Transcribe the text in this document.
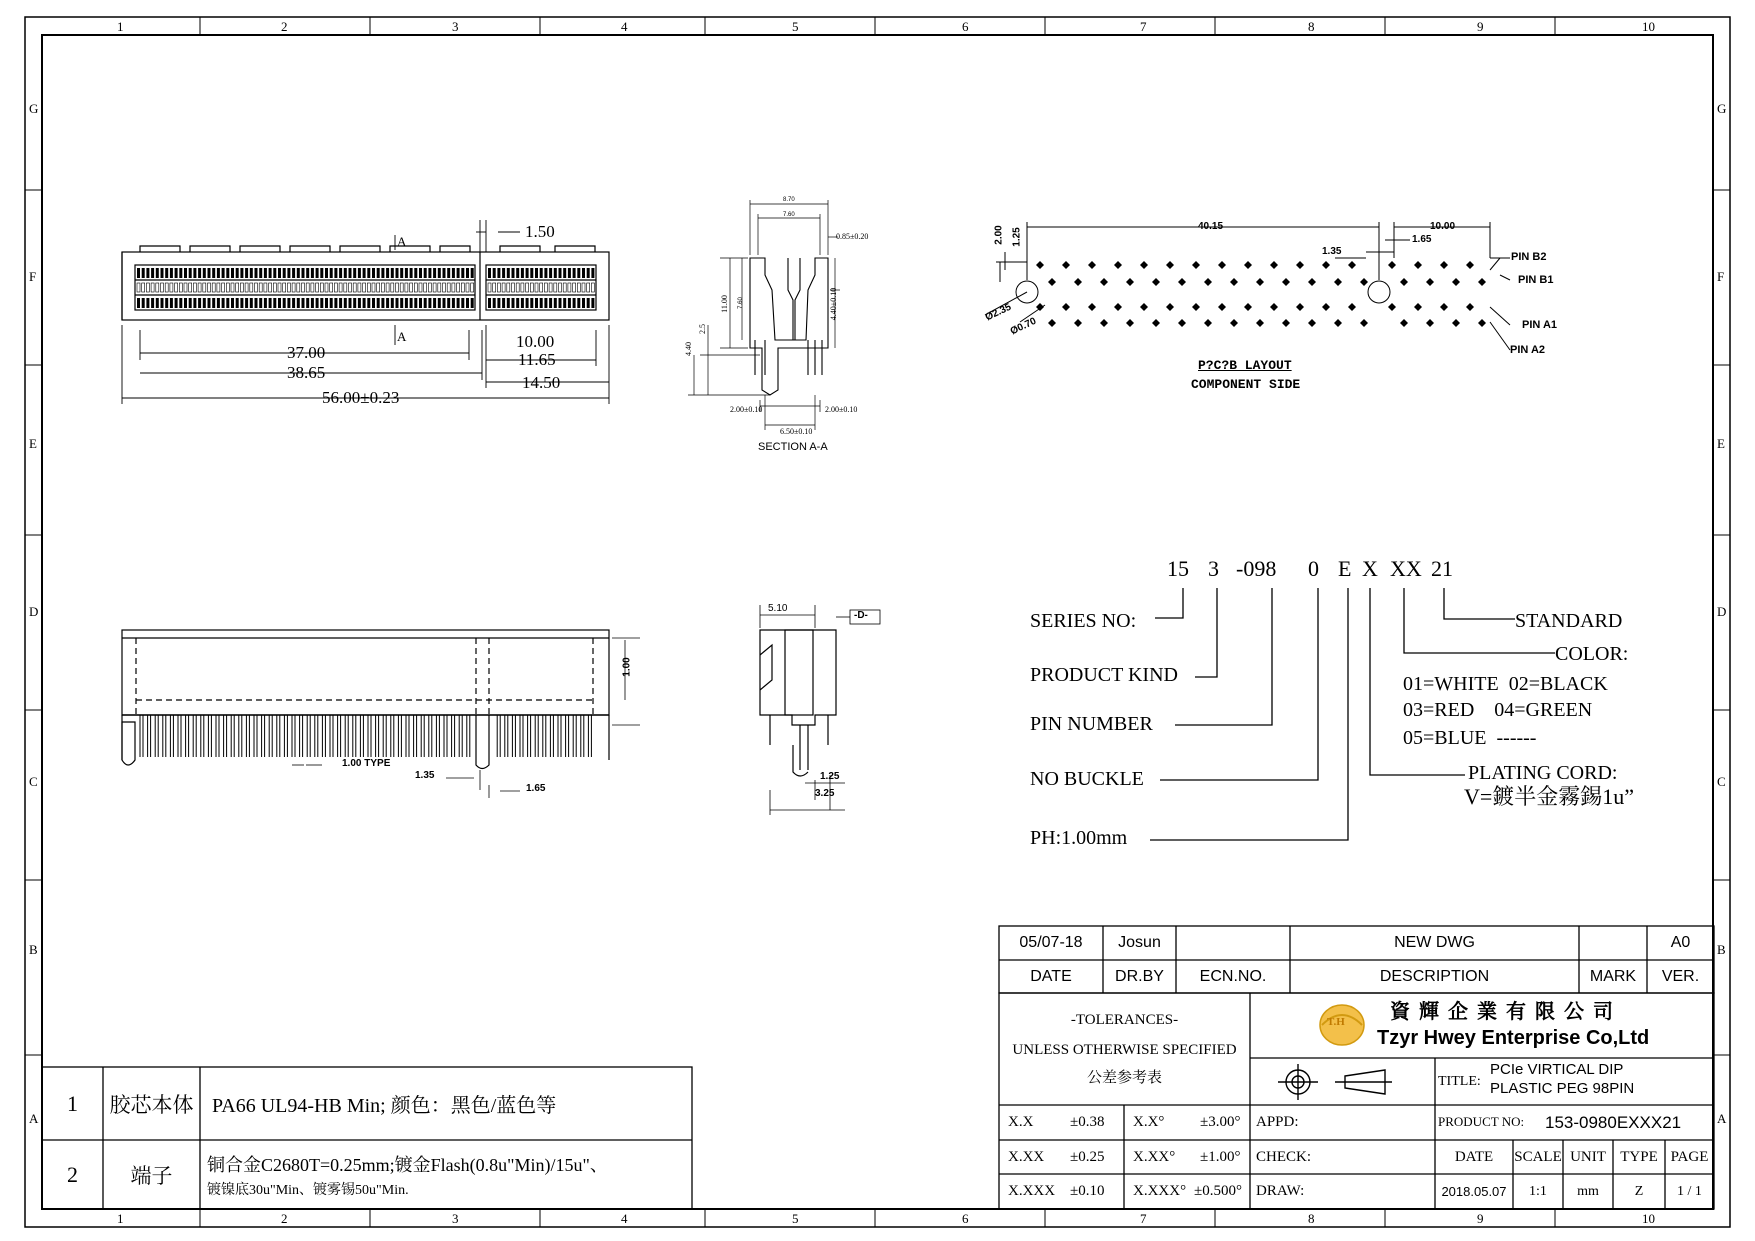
1	2	3	4	5	6	7	8	9	10
1	2	3	4	5	6	7	8	9	10
G
F
E
D
C
B
A
G
F
E
D
C
B
A
1.50
37.00
38.65
56.00±0.23
10.00
11.65
14.50
A
A
8.70
7.60
0.85±0.20
11.00 7.60
2.5
4.40
4.40±0.10
2.00±0.10	2.00±0.10
6.50±0.10
SECTION A-A
40.15	10.00
1.65
1.35
2.00 1.25
Ø2.35
Ø0.70
PIN B2
PIN B1
PIN A1
PIN A2
P?C?B LAYOUT
COMPONENT SIDE
1.00 TYPE
1.35
1.65
1.00
5.10
-D-
1.25
3.25
15 3 -098 0 E X XX 21
SERIES NO:
PRODUCT KIND
PIN NUMBER
NO BUCKLE
PH:1.00mm
STANDARD
COLOR:
01=WHITE  02=BLACK
03=RED    04=GREEN
05=BLUE  ------
PLATING CORD:
V=鍍半金霧錫1u”
1	胶芯本体 PA66 UL94-HB Min; 颜色：黑色/蓝色等
2	端子	铜合金C2680T=0.25mm;镀金Flash(0.8u"Min)/15u"、
镀镍底30u"Min、镀雾锡50u"Min.
05/07-18	Josun	NEW DWG	A0
DATE	DR.BY	ECN.NO.	DESCRIPTION	MARK	VER.
-TOLERANCES-
UNLESS OTHERWISE SPECIFIED
公差参考表
T.H 資 輝 企 業 有 限 公 司
Tzyr Hwey Enterprise Co,Ltd
TITLE:
PCIe VIRTICAL DIP
PLASTIC PEG 98PIN
PRODUCT NO: 153-0980EXXX21
X.X ±0.38 X.X° ±3.00° APPD:
X.XX ±0.25 X.XX° ±1.00° CHECK:
X.XXX ±0.10 X.XXX° ±0.500° DRAW:
DATE	SCALE UNIT TYPE PAGE
2018.05.07	1:1	mm	Z	1 / 1
